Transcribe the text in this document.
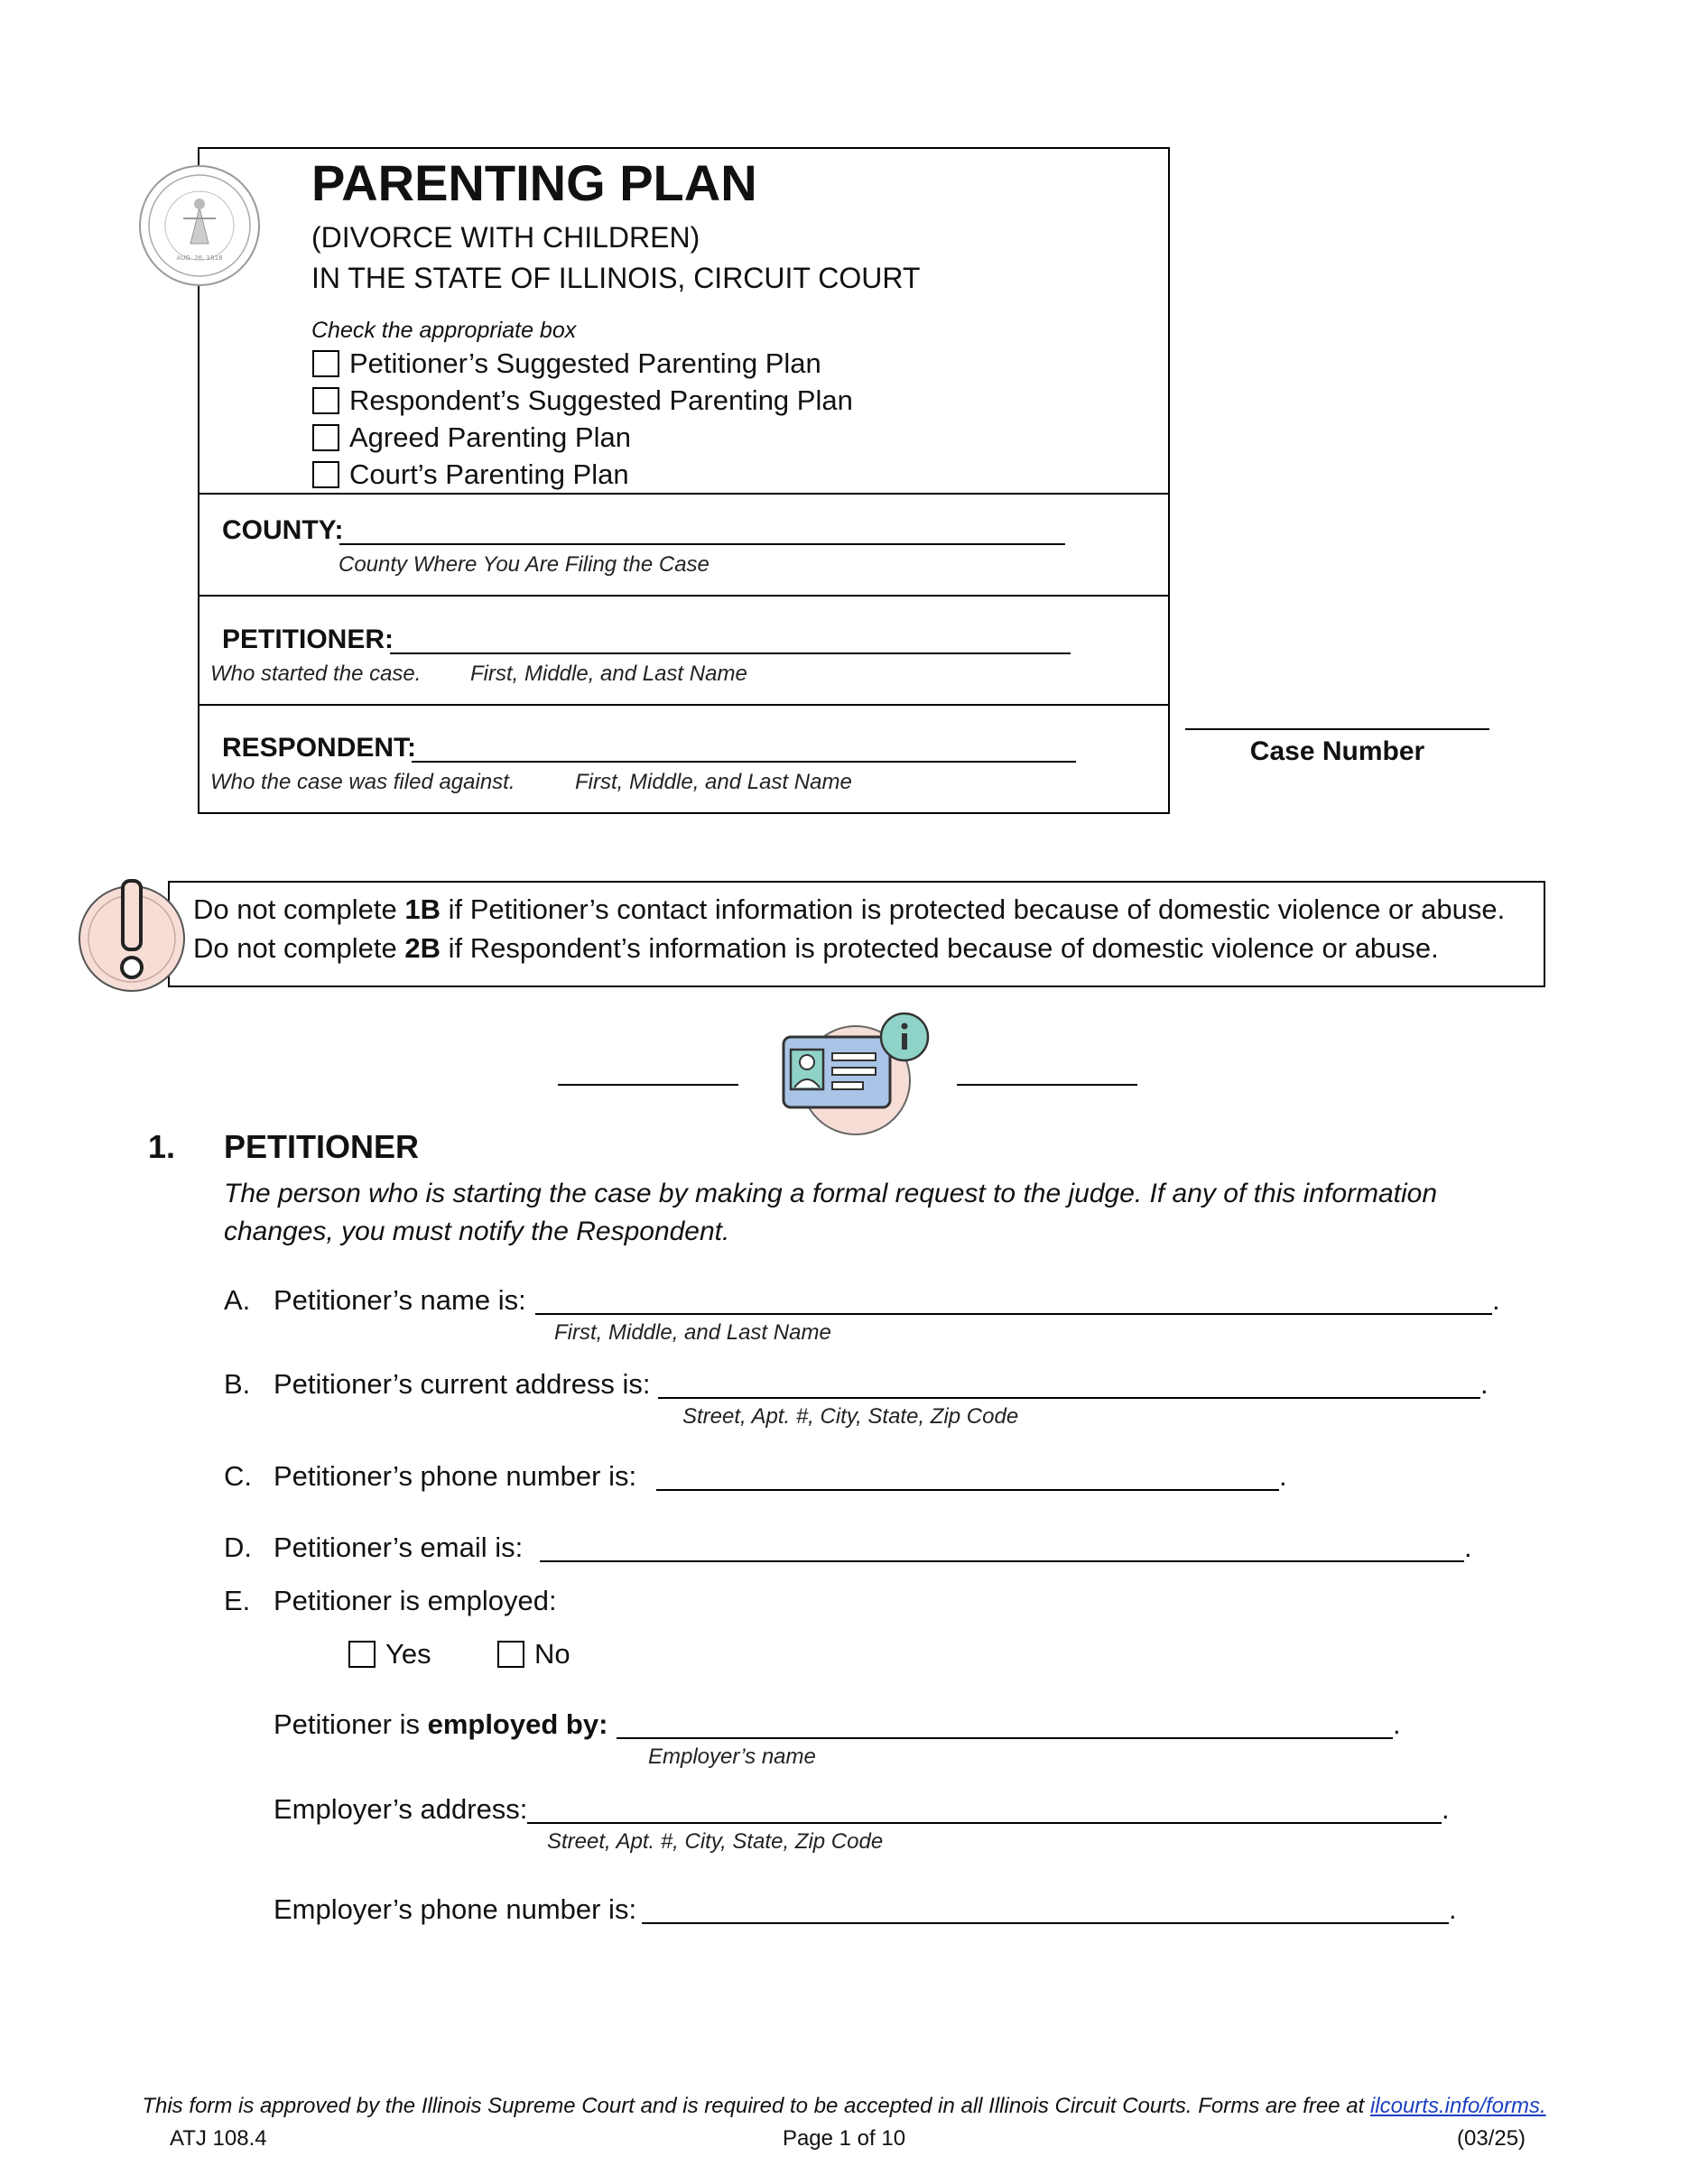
AUG. 26, 1818
PARENTING PLAN
(DIVORCE WITH CHILDREN)
IN THE STATE OF ILLINOIS, CIRCUIT COURT
Check the appropriate box
Petitioner’s Suggested Parenting Plan
Respondent’s Suggested Parenting Plan
Agreed Parenting Plan
Court’s Parenting Plan
COUNTY:
County Where You Are Filing the Case
PETITIONER:
Who started the case. First, Middle, and Last Name
RESPONDENT:
Who the case was filed against.	First, Middle, and Last Name
Case Number
Do not complete 1B if Petitioner’s contact information is protected because of domestic violence or abuse.
Do not complete 2B if Respondent’s information is protected because of domestic violence or abuse.
1. PETITIONER
The person who is starting the case by making a formal request to the judge. If any of this information changes, you must notify the Respondent.
A. Petitioner’s name is:	.
First, Middle, and Last Name
B. Petitioner’s current address is:	.
Street, Apt. #, City, State, Zip Code
C. Petitioner’s phone number is:	.
D. Petitioner’s email is:	.
E. Petitioner is employed:
Yes	No
Petitioner is employed by:	.
Employer’s name
Employer’s address:	.
Street, Apt. #, City, State, Zip Code
Employer’s phone number is:	.
This form is approved by the Illinois Supreme Court and is required to be accepted in all Illinois Circuit Courts. Forms are free at ilcourts.info/forms.
ATJ 108.4	Page 1 of 10	(03/25)
